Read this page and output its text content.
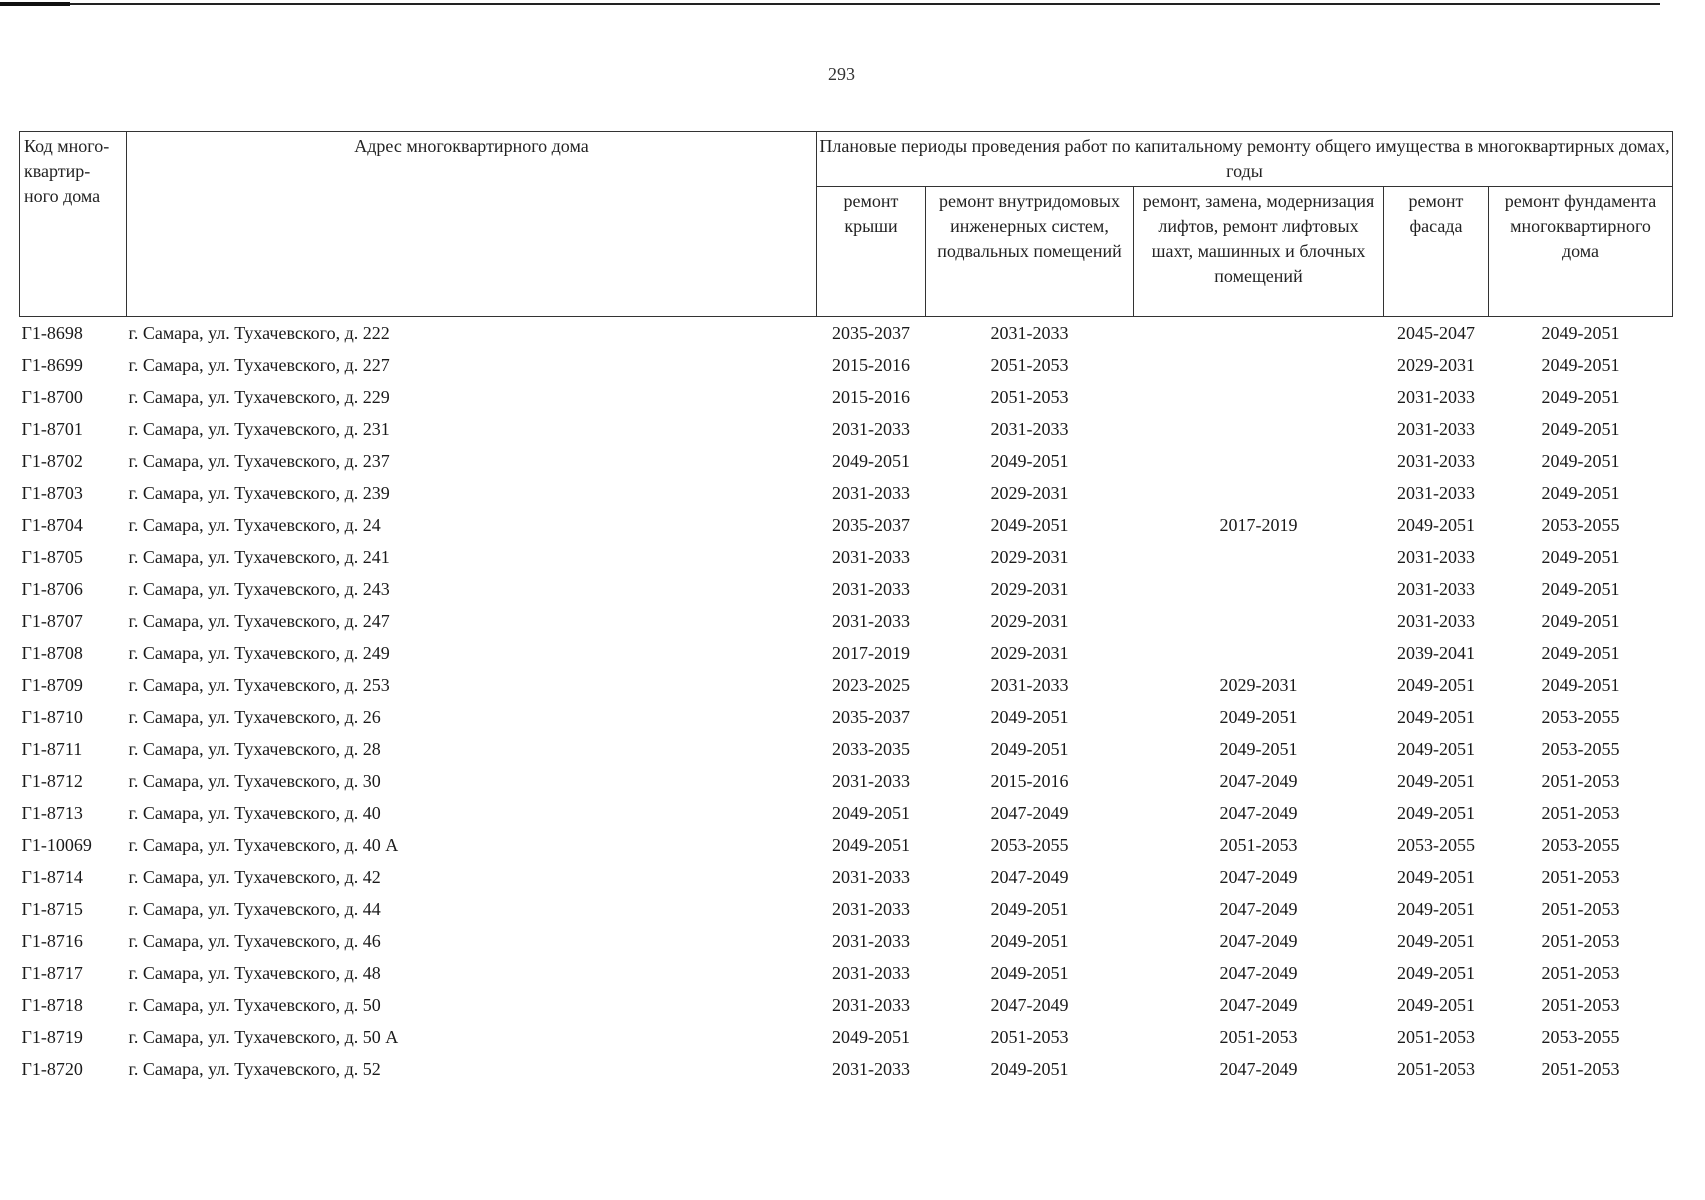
293
Код много-квартир-ного дома	Адрес многоквартирного дома	Плановые периоды проведения работ по капитальному ремонту общего имущества в многоквартирных домах, годы				
		ремонт крыши	ремонт внутридомовых инженерных систем, подвальных помещений	ремонт, замена, модернизация лифтов, ремонт лифтовых шахт, машинных и блочных помещений	ремонт фасада	ремонт фундамента многоквартирного дома
Г1-8698	г. Самара, ул. Тухачевского, д. 222	2035-2037	2031-2033		2045-2047	2049-2051
Г1-8699	г. Самара, ул. Тухачевского, д. 227	2015-2016	2051-2053		2029-2031	2049-2051
Г1-8700	г. Самара, ул. Тухачевского, д. 229	2015-2016	2051-2053		2031-2033	2049-2051
Г1-8701	г. Самара, ул. Тухачевского, д. 231	2031-2033	2031-2033		2031-2033	2049-2051
Г1-8702	г. Самара, ул. Тухачевского, д. 237	2049-2051	2049-2051		2031-2033	2049-2051
Г1-8703	г. Самара, ул. Тухачевского, д. 239	2031-2033	2029-2031		2031-2033	2049-2051
Г1-8704	г. Самара, ул. Тухачевского, д. 24	2035-2037	2049-2051	2017-2019	2049-2051	2053-2055
Г1-8705	г. Самара, ул. Тухачевского, д. 241	2031-2033	2029-2031		2031-2033	2049-2051
Г1-8706	г. Самара, ул. Тухачевского, д. 243	2031-2033	2029-2031		2031-2033	2049-2051
Г1-8707	г. Самара, ул. Тухачевского, д. 247	2031-2033	2029-2031		2031-2033	2049-2051
Г1-8708	г. Самара, ул. Тухачевского, д. 249	2017-2019	2029-2031		2039-2041	2049-2051
Г1-8709	г. Самара, ул. Тухачевского, д. 253	2023-2025	2031-2033	2029-2031	2049-2051	2049-2051
Г1-8710	г. Самара, ул. Тухачевского, д. 26	2035-2037	2049-2051	2049-2051	2049-2051	2053-2055
Г1-8711	г. Самара, ул. Тухачевского, д. 28	2033-2035	2049-2051	2049-2051	2049-2051	2053-2055
Г1-8712	г. Самара, ул. Тухачевского, д. 30	2031-2033	2015-2016	2047-2049	2049-2051	2051-2053
Г1-8713	г. Самара, ул. Тухачевского, д. 40	2049-2051	2047-2049	2047-2049	2049-2051	2051-2053
Г1-10069	г. Самара, ул. Тухачевского, д. 40 А	2049-2051	2053-2055	2051-2053	2053-2055	2053-2055
Г1-8714	г. Самара, ул. Тухачевского, д. 42	2031-2033	2047-2049	2047-2049	2049-2051	2051-2053
Г1-8715	г. Самара, ул. Тухачевского, д. 44	2031-2033	2049-2051	2047-2049	2049-2051	2051-2053
Г1-8716	г. Самара, ул. Тухачевского, д. 46	2031-2033	2049-2051	2047-2049	2049-2051	2051-2053
Г1-8717	г. Самара, ул. Тухачевского, д. 48	2031-2033	2049-2051	2047-2049	2049-2051	2051-2053
Г1-8718	г. Самара, ул. Тухачевского, д. 50	2031-2033	2047-2049	2047-2049	2049-2051	2051-2053
Г1-8719	г. Самара, ул. Тухачевского, д. 50 А	2049-2051	2051-2053	2051-2053	2051-2053	2053-2055
Г1-8720	г. Самара, ул. Тухачевского, д. 52	2031-2033	2049-2051	2047-2049	2051-2053	2051-2053
